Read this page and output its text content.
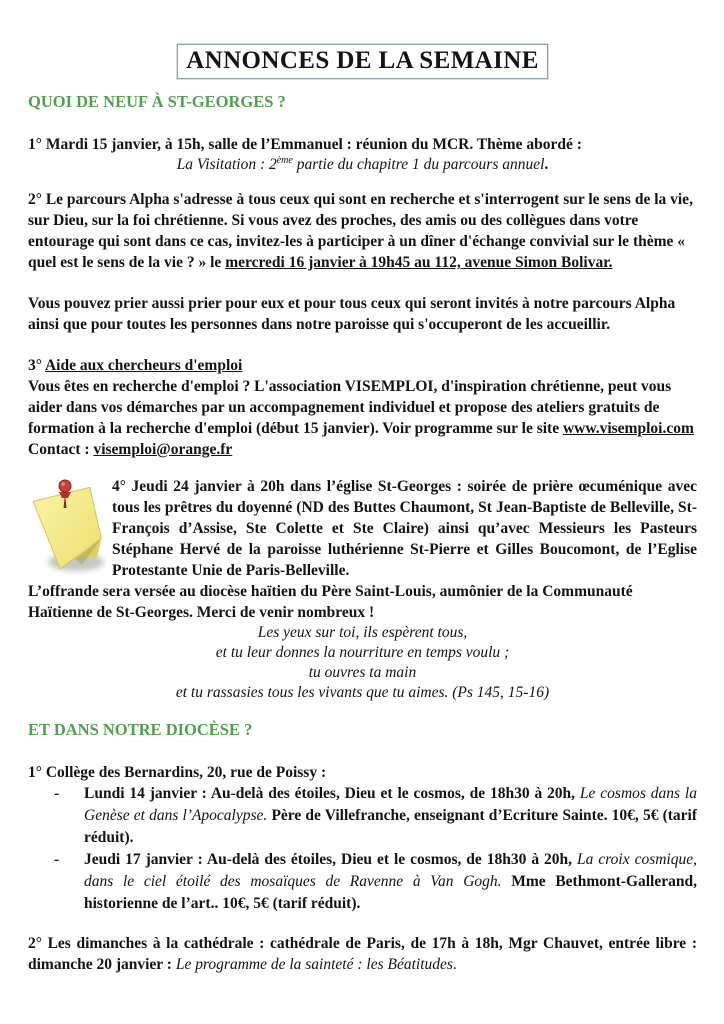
ANNONCES DE LA SEMAINE

QUOI DE NEUF À ST-GEORGES ?

1° Mardi 15 janvier, à 15h, salle de l’Emmanuel : réunion du MCR. Thème abordé :

La Visitation : 2ème partie du chapitre 1 du parcours annuel.

2° Le parcours Alpha s'adresse à tous ceux qui sont en recherche et s'interrogent sur le sens de la vie, sur Dieu, sur la foi chrétienne. Si vous avez des proches, des amis ou des collègues dans votre entourage qui sont dans ce cas, invitez-les à participer à un dîner d'échange convivial sur le thème « quel est le sens de la vie ? » le mercredi 16 janvier à 19h45 au 112, avenue Simon Bolivar.

Vous pouvez prier aussi prier pour eux et pour tous ceux qui seront invités à notre parcours Alpha ainsi que pour toutes les personnes dans notre paroisse qui s'occuperont de les accueillir.

3° Aide aux chercheurs d'emploi
Vous êtes en recherche d'emploi ? L'association VISEMPLOI, d'inspiration chrétienne, peut vous aider dans vos démarches par un accompagnement individuel et propose des ateliers gratuits de formation à la recherche d'emploi (début 15 janvier). Voir programme sur le site www.visemploi.com Contact : visemploi@orange.fr

4° Jeudi 24 janvier à 20h dans l’église St-Georges : soirée de prière œcuménique avec tous les prêtres du doyenné (ND des Buttes Chaumont, St Jean-Baptiste de Belleville, St-François d’Assise, Ste Colette et Ste Claire) ainsi qu’avec Messieurs les Pasteurs Stéphane Hervé de la paroisse luthérienne St-Pierre et Gilles Boucomont, de l’Eglise Protestante Unie de Paris-Belleville.

L’offrande sera versée au diocèse haïtien du Père Saint-Louis, aumônier de la Communauté Haïtienne de St-Georges. Merci de venir nombreux !

Les yeux sur toi, ils espèrent tous,

et tu leur donnes la nourriture en temps voulu ;

tu ouvres ta main

et tu rassasies tous les vivants que tu aimes. (Ps 145, 15-16)

ET DANS NOTRE DIOCÈSE ?

1° Collège des Bernardins, 20, rue de Poissy :

-	Lundi 14 janvier : Au-delà des étoiles, Dieu et le cosmos, de 18h30 à 20h, Le cosmos dans la Genèse et dans l’Apocalypse. Père de Villefranche, enseignant d’Ecriture Sainte. 10€, 5€ (tarif réduit).
-	Jeudi 17 janvier : Au-delà des étoiles, Dieu et le cosmos, de 18h30 à 20h, La croix cosmique, dans le ciel étoilé des mosaïques de Ravenne à Van Gogh. Mme Bethmont-Gallerand, historienne de l’art.. 10€, 5€ (tarif réduit).

2° Les dimanches à la cathédrale : cathédrale de Paris, de 17h à 18h, Mgr Chauvet, entrée libre : dimanche 20 janvier : Le programme de la sainteté : les Béatitudes.
